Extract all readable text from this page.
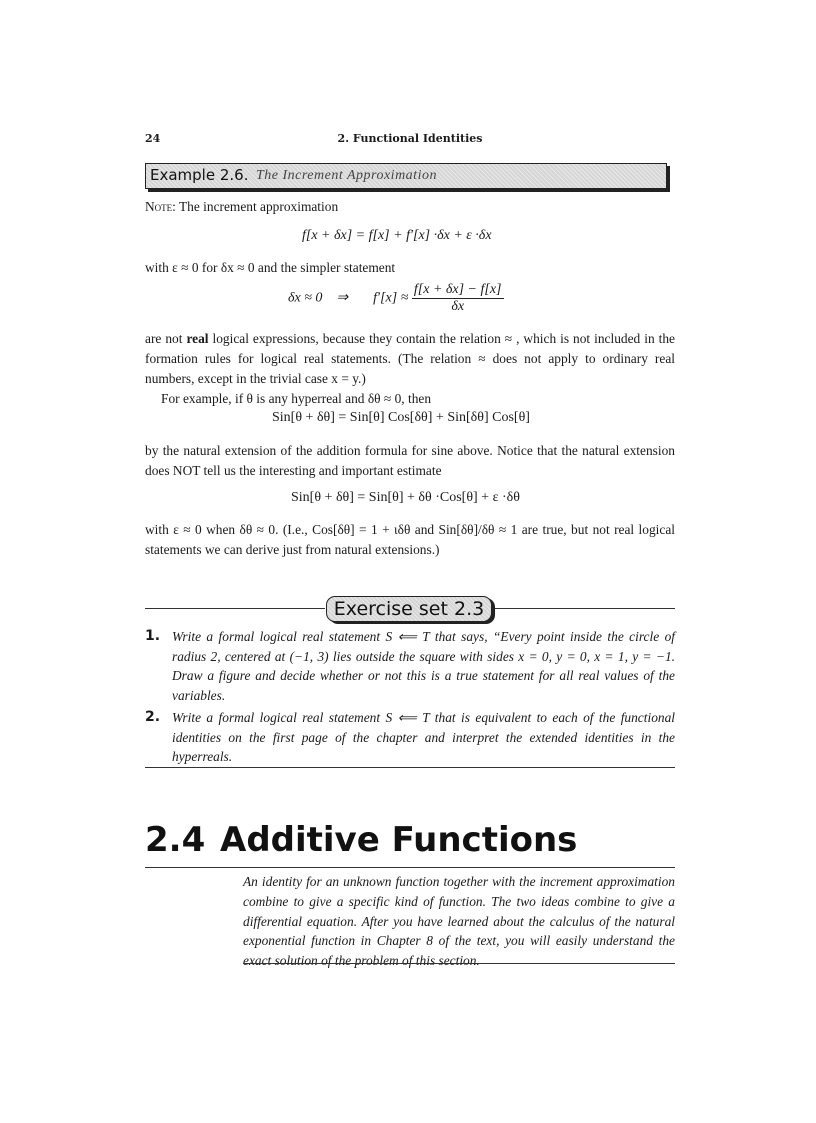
24	2. Functional Identities
Example 2.6. The Increment Approximation

Note: The increment approximation

f[x + δx] = f[x] + f′[x] ·δx + ε ·δx

with ε ≈ 0 for δx ≈ 0 and the simpler statement

δx ≈ 0    ⇒ $f'[x] \approx \frac{f[x + \delta x] - f[x]}{\delta x}$

are not real logical expressions, because they contain the relation ≈ , which is not included in the formation rules for logical real statements. (The relation ≈ does not apply to ordinary real numbers, except in the trivial case x = y.)

For example, if θ is any hyperreal and δθ ≈ 0, then

Sin[θ + δθ] = Sin[θ] Cos[δθ] + Sin[δθ] Cos[θ]

by the natural extension of the addition formula for sine above. Notice that the natural extension does NOT tell us the interesting and important estimate

Sin[θ + δθ] = Sin[θ] + δθ ·Cos[θ] + ε ·δθ

with ε ≈ 0 when δθ ≈ 0. (I.e., Cos[δθ] = 1 + ιδθ and Sin[δθ]/δθ ≈ 1 are true, but not real logical statements we can derive just from natural extensions.)

Exercise set 2.3
1. Write a formal logical real statement S ⟸ T that says, “Every point inside the circle of radius 2, centered at (−1, 3) lies outside the square with sides x = 0, y = 0, x = 1, y = −1. Draw a figure and decide whether or not this is a true statement for all real values of the variables.
2. Write a formal logical real statement S ⟸ T that is equivalent to each of the functional identities on the first page of the chapter and interpret the extended identities in the hyperreals.
2.4 Additive Functions
An identity for an unknown function together with the increment approximation combine to give a specific kind of function. The two ideas combine to give a differential equation. After you have learned about the calculus of the natural exponential function in Chapter 8 of the text, you will easily understand the exact solution of the problem of this section.
